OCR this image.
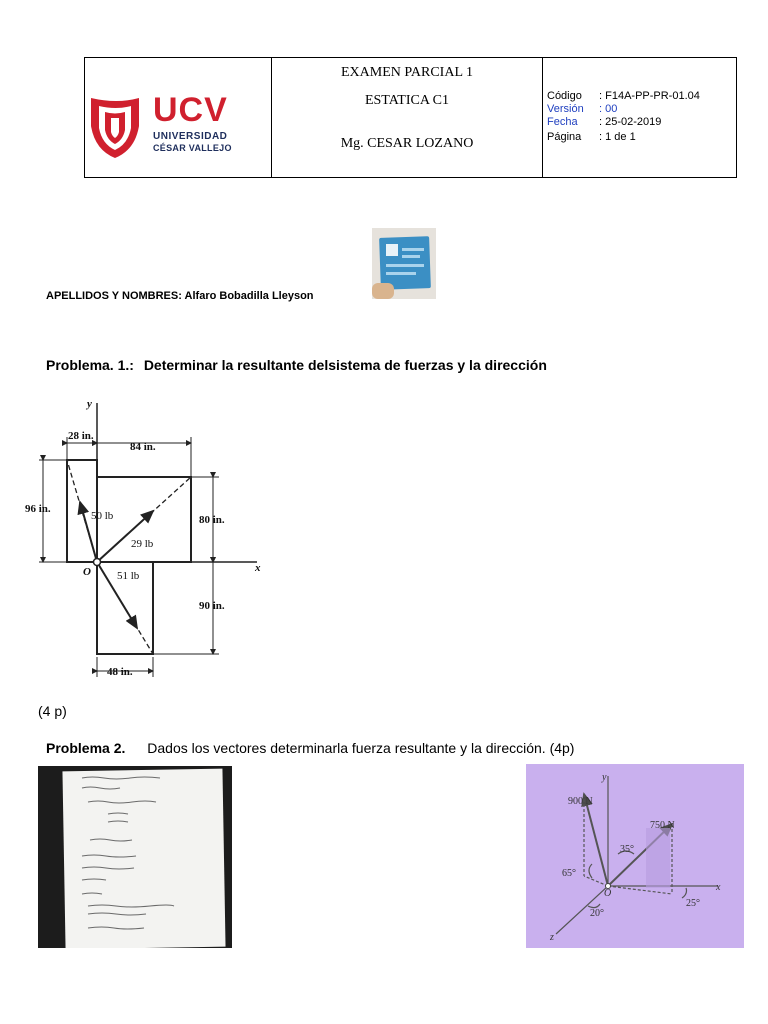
UCV
UNIVERSIDAD
CÉSAR VALLEJO
EXAMEN PARCIAL 1
ESTATICA C1
Mg. CESAR LOZANO
Código : F14A-PP-PR-01.04
Versión : 00
Fecha : 25-02-2019
Página : 1 de 1
APELLIDOS Y NOMBRES: Alfaro Bobadilla Lleyson
Problema. 1.: Determinar la resultante delsistema de fuerzas y la dirección
y
x
O
28 in.
84 in.
96 in.
80 in.
90 in.
48 in.
50 lb
29 lb
51 lb
(4 p)
Problema 2. Dados los vectores determinarla fuerza resultante y la dirección. (4p)
y
x
z
O
900 N
750 N
35°
65°
25°
20°
